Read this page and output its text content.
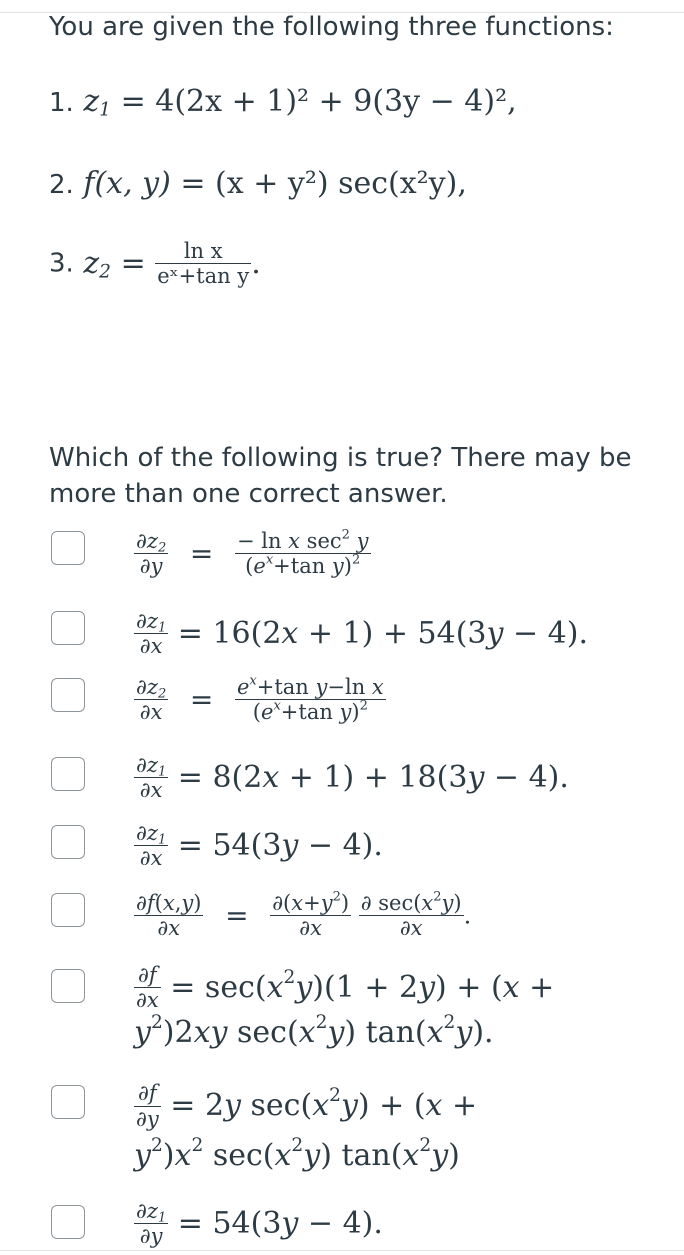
You are given the following three functions:
1. $z_1 = 4(2x + 1)^2 + 9(3y - 4)^2$,
2. f(x, y) = (x + y²) sec(x²y),
3. $z_2 = \frac{\text{ln x}}{\text{eˣ+tan y}}$ .
Which of the following is true? There may be more than one correct answer.
$\frac{\partial z_2}{\partial y} = \frac{- \ln x \sec^2 y}{(e^x+\tan y)^2}$
$\frac{\partial z_1}{\partial x} = 16(2x + 1) + 54(3y - 4)$.
$\frac{\partial z_2}{\partial x} = \frac{e^x+\tan y-\ln x}{(e^x+\tan y)^2}$
$\frac{\partial z_1}{\partial x} = 8(2x + 1) + 18(3y - 4)$.
$\frac{\partial z_1}{\partial x} = 54(3y - 4)$.
$\frac{\partial f(x,y)}{\partial x} = \frac{\partial(x+y^2)}{\partial x}$
$\frac{\partial \sec(x^2y)}{\partial x}$ .
$\frac{\partial f}{\partial x} = \sec(x^2y)(1 + 2y) + (x$ +
$y^2)2xy$ $\sec(x^2y)$ $\tan(x^2y)$.
$\frac{\partial f}{\partial y} = 2y$ $\sec(x^2y) + (x$ +
$y^2)x^2$ $\sec(x^2y)$ $\tan(x^2y)$
$\frac{\partial z_1}{\partial y} = 54(3y - 4)$.
